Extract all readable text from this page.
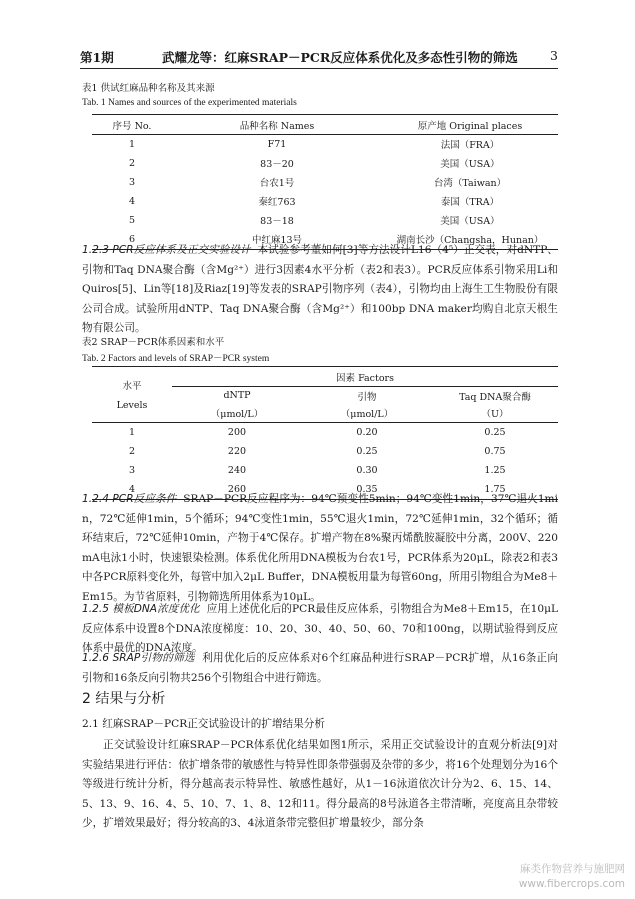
第1期	武耀龙等：红麻SRAP－PCR反应体系优化及多态性引物的筛选	3
表1 供试红麻品种名称及其来源
Tab. 1 Names and sources of the experimented materials
序号 No.	品种名称 Names	原产地 Original places
1	F71	法国（FRA）
2	83－20	美国（USA）
3	台农1号	台湾（Taiwan）
4	秦红763	泰国（TRA）
5	83－18	美国（USA）
6	中红麻13号	湖南长沙（Changsha，Hunan）
1.2.3 PCR反应体系及正交实验设计 本试验参考董如何[3]等方法设计L16（4⁵）正交表，对dNTP、引物和Taq DNA聚合酶（含Mg²⁺）进行3因素4水平分析（表2和表3）。PCR反应体系引物采用Li和Quiros[5]、Lin等[18]及Riaz[19]等发表的SRAP引物序列（表4），引物均由上海生工生物股份有限公司合成。试验所用dNTP、Taq DNA聚合酶（含Mg²⁺）和100bp DNA maker均购自北京天根生物有限公司。
表2 SRAP－PCR体系因素和水平
Tab. 2 Factors and levels of SRAP－PCR system
水平
Levels	因素 Factors		
	dNTP	引物	Taq DNA聚合酶
	（μmol/L）	（μmol/L）	（U）
1	200	0.20	0.25
2	220	0.25	0.75
3	240	0.30	1.25
4	260	0.35	1.75
1.2.4 PCR反应条件 SRAP－PCR反应程序为：94℃预变性5min；94℃变性1min，37℃退火1min，72℃延伸1min，5个循环；94℃变性1min，55℃退火1min，72℃延伸1min，32个循环；循环结束后，72℃延伸10min，产物于4℃保存。扩增产物在8%聚丙烯酰胺凝胶中分离，200V、220mA电泳1小时，快速银染检测。体系优化所用DNA模板为台农1号，PCR体系为20μL，除表2和表3中各PCR原料变化外，每管中加入2μL Buffer，DNA模板用量为每管60ng，所用引物组合为Me8＋Em15。为节省原料，引物筛选所用体系为10μL。
1.2.5 模板DNA浓度优化 应用上述优化后的PCR最佳反应体系，引物组合为Me8＋Em15，在10μL反应体系中设置8个DNA浓度梯度：10、20、30、40、50、60、70和100ng，以期试验得到反应体系中最优的DNA浓度。
1.2.6 SRAP引物的筛选 利用优化后的反应体系对6个红麻品种进行SRAP－PCR扩增，从16条正向引物和16条反向引物共256个引物组合中进行筛选。
2 结果与分析
2.1 红麻SRAP－PCR正交试验设计的扩增结果分析
正交试验设计红麻SRAP－PCR体系优化结果如图1所示，采用正交试验设计的直观分析法[9]对实验结果进行评估：依扩增条带的敏感性与特异性即条带强弱及杂带的多少，将16个处理划分为16个等级进行统计分析，得分越高表示特异性、敏感性越好，从1－16泳道依次计分为2、6、15、14、5、13、9、16、4、5、10、7、1、8、12和11。得分最高的8号泳道各主带清晰，亮度高且杂带较少，扩增效果最好；得分较高的3、4泳道条带完整但扩增量较少，部分条
麻类作物营养与施肥网
www.fibercrops.com
